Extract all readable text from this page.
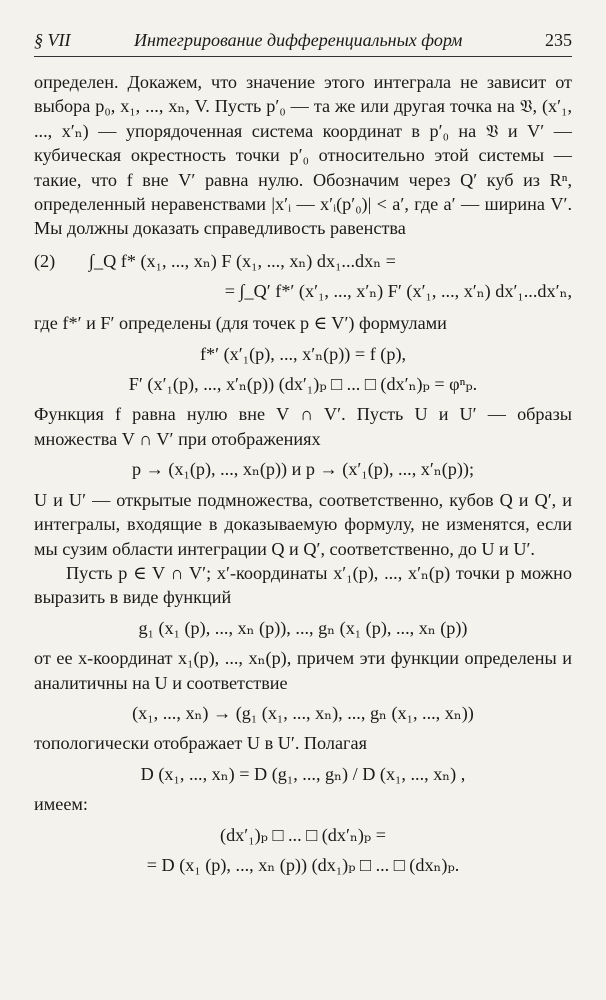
§ VII	Интегрирование дифференциальных форм	235

определен. Докажем, что значение этого интеграла не зависит от выбора p₀, x₁, ..., xₙ, V. Пусть p′₀ — та же или другая точка на 𝔙, (x′₁, ..., x′ₙ) — упорядоченная система координат в p′₀ на 𝔙 и V′ — кубическая окрестность точки p′₀ относительно этой системы — такие, что f вне V′ равна нулю. Обозначим через Q′ куб из Rⁿ, определенный неравенствами |x′ᵢ — x′ᵢ(p′₀)| < a′, где a′ — ширина V′. Мы должны доказать справедливость равенства

(2) ∫_Q f* (x₁, ..., xₙ) F (x₁, ..., xₙ) dx₁...dxₙ =
= ∫_Q′ f*′ (x′₁, ..., x′ₙ) F′ (x′₁, ..., x′ₙ) dx′₁...dx′ₙ,

где f*′ и F′ определены (для точек p ∈ V′) формулами

f*′ (x′₁(p), ..., x′ₙ(p)) = f (p),
F′ (x′₁(p), ..., x′ₙ(p)) (dx′₁)ₚ □ ... □ (dx′ₙ)ₚ = φⁿₚ.

Функция f равна нулю вне V ∩ V′. Пусть U и U′ — образы множества V ∩ V′ при отображениях

p → (x₁(p), ..., xₙ(p)) и p → (x′₁(p), ..., x′ₙ(p));

U и U′ — открытые подмножества, соответственно, кубов Q и Q′, и интегралы, входящие в доказываемую формулу, не изменятся, если мы сузим области интеграции Q и Q′, соответственно, до U и U′.

Пусть p ∈ V ∩ V′; x′-координаты x′₁(p), ..., x′ₙ(p) точки p можно выразить в виде функций

g₁ (x₁ (p), ..., xₙ (p)), ..., gₙ (x₁ (p), ..., xₙ (p))

от ее x-координат x₁(p), ..., xₙ(p), причем эти функции определены и аналитичны на U и соответствие

(x₁, ..., xₙ) → (g₁ (x₁, ..., xₙ), ..., gₙ (x₁, ..., xₙ))

топологически отображает U в U′. Полагая

D (x₁, ..., xₙ) = D (g₁, ..., gₙ) / D (x₁, ..., xₙ) ,

имеем:

(dx′₁)ₚ □ ... □ (dx′ₙ)ₚ =
= D (x₁ (p), ..., xₙ (p)) (dx₁)ₚ □ ... □ (dxₙ)ₚ.
